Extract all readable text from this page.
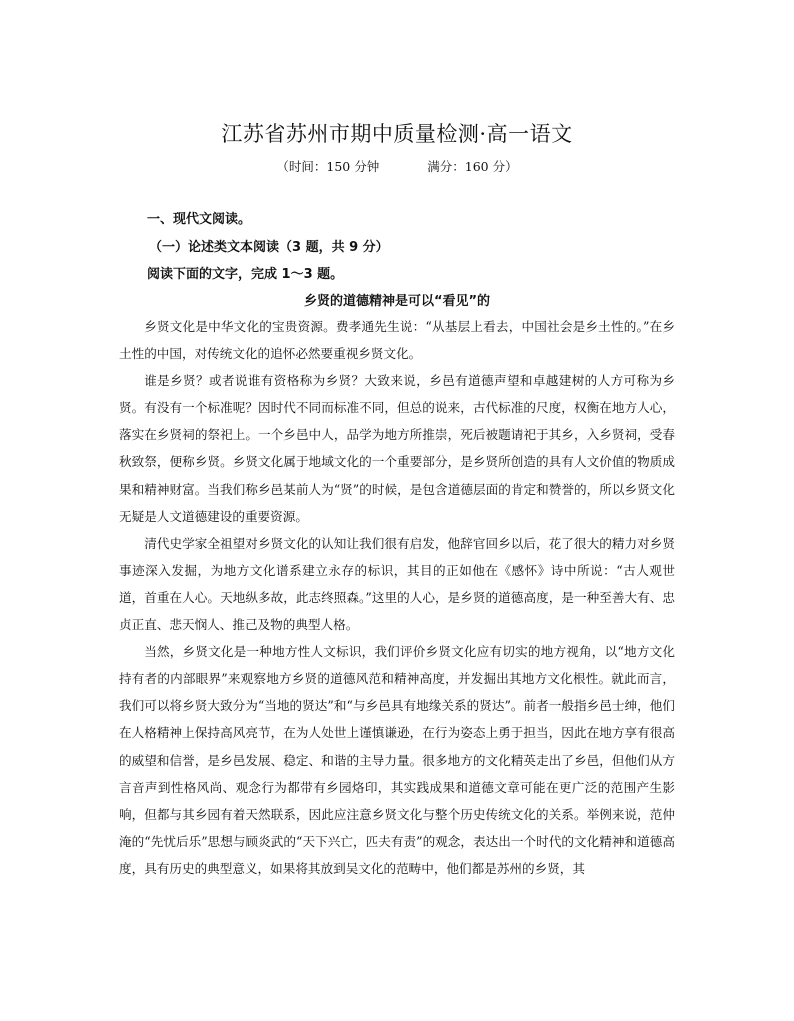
江苏省苏州市期中质量检测·高一语文
（时间：150 分钟	满分：160 分）
一、现代文阅读。
（一）论述类文本阅读（3 题，共 9 分）
阅读下面的文字，完成 1～3 题。
乡贤的道德精神是可以“看见”的

乡贤文化是中华文化的宝贵资源。费孝通先生说：“从基层上看去，中国社会是乡土性的。”在乡土性的中国，对传统文化的追怀必然要重视乡贤文化。

谁是乡贤？或者说谁有资格称为乡贤？大致来说，乡邑有道德声望和卓越建树的人方可称为乡贤。有没有一个标准呢？因时代不同而标准不同，但总的说来，古代标准的尺度，权衡在地方人心，落实在乡贤祠的祭祀上。一个乡邑中人，品学为地方所推崇，死后被题请祀于其乡，入乡贤祠，受春秋致祭，便称乡贤。乡贤文化属于地域文化的一个重要部分，是乡贤所创造的具有人文价值的物质成果和精神财富。当我们称乡邑某前人为“贤”的时候，是包含道德层面的肯定和赞誉的，所以乡贤文化无疑是人文道德建设的重要资源。

清代史学家全祖望对乡贤文化的认知让我们很有启发，他辞官回乡以后，花了很大的精力对乡贤事迹深入发掘，为地方文化谱系建立永存的标识，其目的正如他在《感怀》诗中所说：“古人观世道，首重在人心。天地纵多故，此志终照森。”这里的人心，是乡贤的道德高度，是一种至善大有、忠贞正直、悲天悯人、推己及物的典型人格。

当然，乡贤文化是一种地方性人文标识，我们评价乡贤文化应有切实的地方视角，以“地方文化持有者的内部眼界”来观察地方乡贤的道德风范和精神高度，并发掘出其地方文化根性。就此而言，我们可以将乡贤大致分为“当地的贤达”和“与乡邑具有地缘关系的贤达”。前者一般指乡邑士绅，他们在人格精神上保持高风亮节，在为人处世上谨慎谦逊，在行为姿态上勇于担当，因此在地方享有很高的威望和信誉，是乡邑发展、稳定、和谐的主导力量。很多地方的文化精英走出了乡邑，但他们从方言音声到性格风尚、观念行为都带有乡园烙印，其实践成果和道德文章可能在更广泛的范围产生影响，但都与其乡园有着天然联系，因此应注意乡贤文化与整个历史传统文化的关系。举例来说，范仲淹的“先忧后乐”思想与顾炎武的“天下兴亡，匹夫有责”的观念，表达出一个时代的文化精神和道德高度，具有历史的典型意义，如果将其放到吴文化的范畴中，他们都是苏州的乡贤，其
